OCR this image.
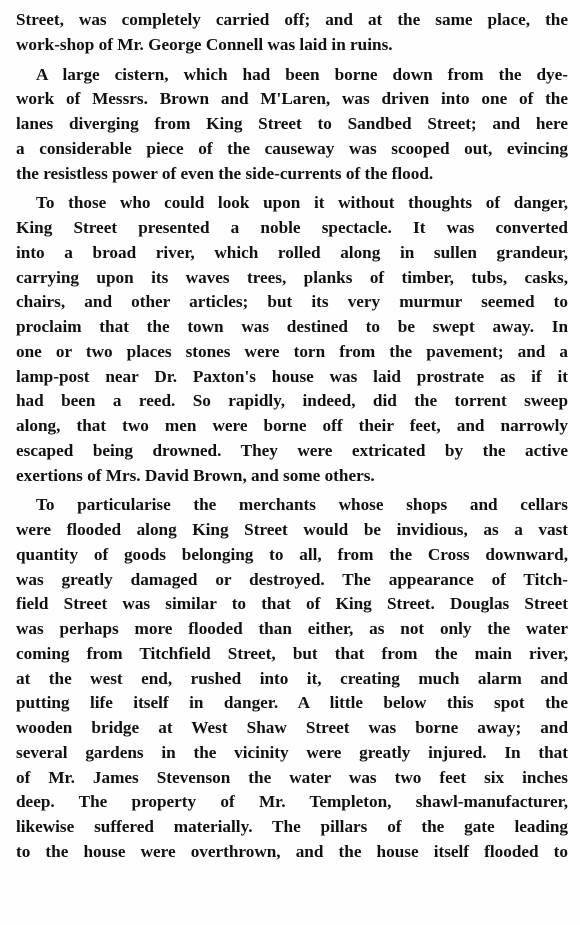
Street, was completely carried off; and at the same place, the
work-shop of Mr. George Connell was laid in ruins.
A large cistern, which had been borne down from the dye-
work of Messrs. Brown and M'Laren, was driven into one of the
lanes diverging from King Street to Sandbed Street; and here
a considerable piece of the causeway was scooped out, evincing
the resistless power of even the side-currents of the flood.
To those who could look upon it without thoughts of danger,
King Street presented a noble spectacle. It was converted
into a broad river, which rolled along in sullen grandeur,
carrying upon its waves trees, planks of timber, tubs, casks,
chairs, and other articles; but its very murmur seemed to
proclaim that the town was destined to be swept away. In
one or two places stones were torn from the pavement; and a
lamp-post near Dr. Paxton's house was laid prostrate as if it
had been a reed. So rapidly, indeed, did the torrent sweep
along, that two men were borne off their feet, and narrowly
escaped being drowned. They were extricated by the active
exertions of Mrs. David Brown, and some others.
To particularise the merchants whose shops and cellars
were flooded along King Street would be invidious, as a vast
quantity of goods belonging to all, from the Cross downward,
was greatly damaged or destroyed. The appearance of Titch-
field Street was similar to that of King Street. Douglas Street
was perhaps more flooded than either, as not only the water
coming from Titchfield Street, but that from the main river,
at the west end, rushed into it, creating much alarm and
putting life itself in danger. A little below this spot the
wooden bridge at West Shaw Street was borne away; and
several gardens in the vicinity were greatly injured. In that
of Mr. James Stevenson the water was two feet six inches
deep. The property of Mr. Templeton, shawl-manufacturer,
likewise suffered materially. The pillars of the gate leading
to the house were overthrown, and the house itself flooded to
